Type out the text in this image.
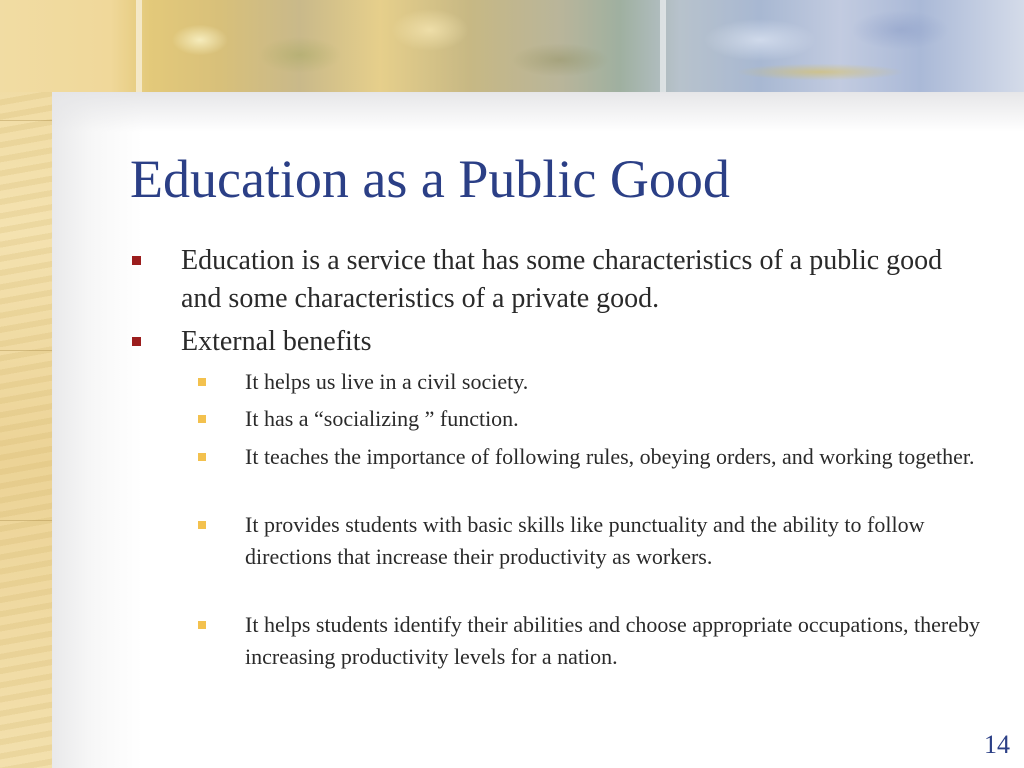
Education as a Public Good
Education is a service that has some characteristics of a public good and some characteristics of a private good.
External benefits
It helps us live in a civil society.
It has a “socializing ” function.
It teaches the importance of following rules, obeying orders, and working together.
It provides students with basic skills like punctuality and the ability to follow directions that increase their productivity as workers.
It helps students identify their abilities and choose appropriate occupations, thereby increasing productivity levels for a nation.
14
